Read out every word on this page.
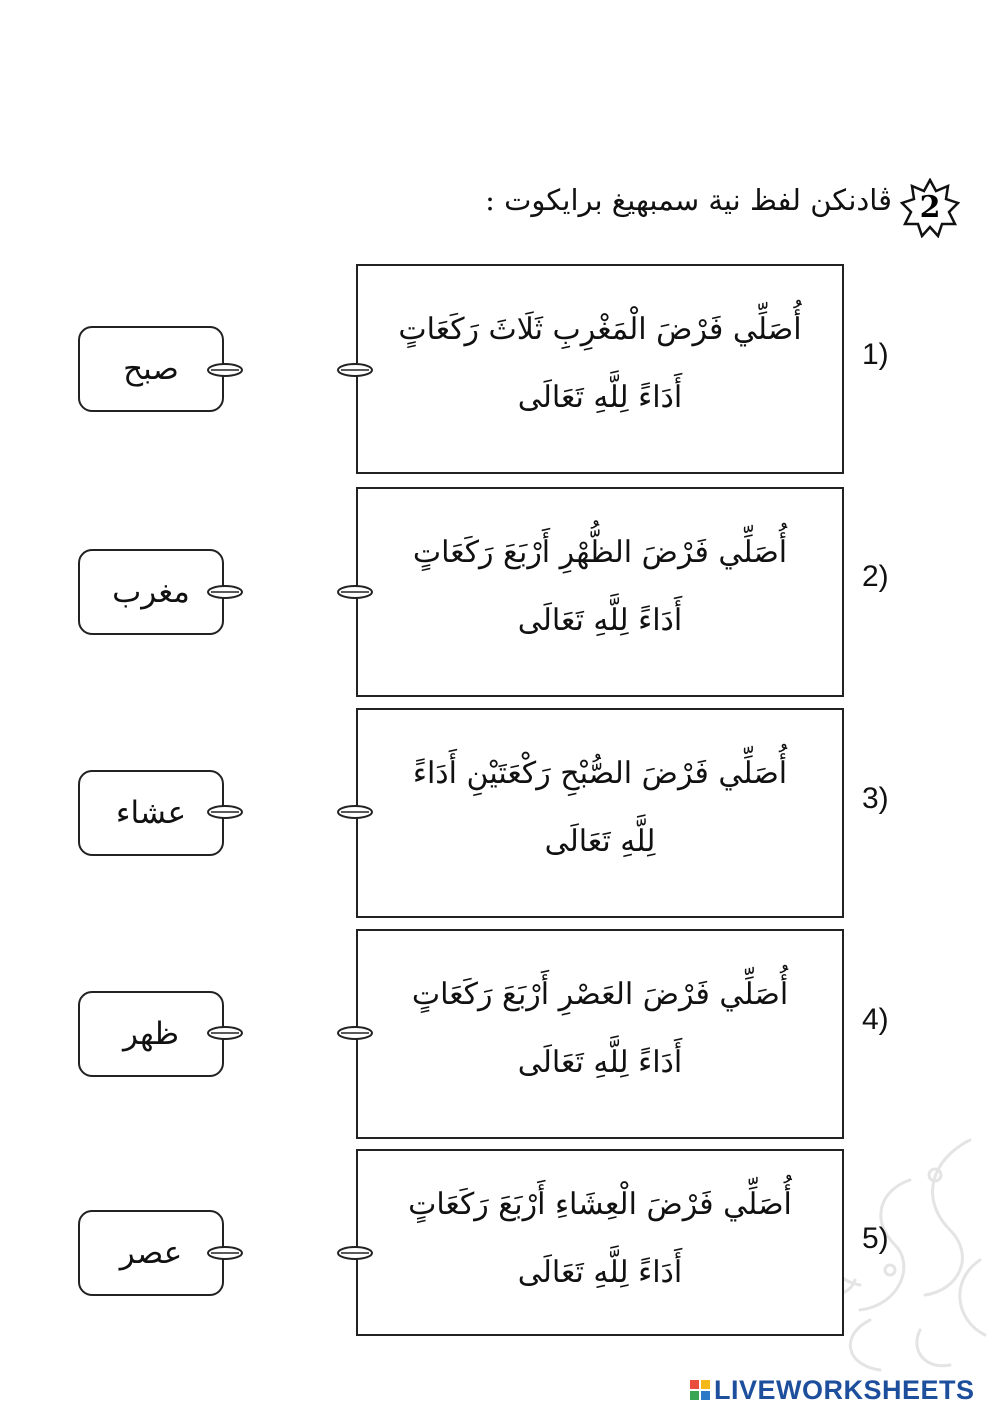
2
ڤادنكن لفظ نية سمبهيغ برايكوت :
1)
أُصَلِّي فَرْضَ الْمَغْرِبِ ثَلَاثَ رَكَعَاتٍ
أَدَاءً لِلَّهِ تَعَالَى
صبح
2)
أُصَلِّي فَرْضَ الظُّهْرِ أَرْبَعَ رَكَعَاتٍ
أَدَاءً لِلَّهِ تَعَالَى
مغرب
3)
أُصَلِّي فَرْضَ الصُّبْحِ رَكْعَتَيْنِ أَدَاءً
لِلَّهِ تَعَالَى
عشاء
4)
أُصَلِّي فَرْضَ العَصْرِ أَرْبَعَ رَكَعَاتٍ
أَدَاءً لِلَّهِ تَعَالَى
ظهر
5)
أُصَلِّي فَرْضَ الْعِشَاءِ أَرْبَعَ رَكَعَاتٍ
أَدَاءً لِلَّهِ تَعَالَى
عصر
LIVEWORKSHEETS
